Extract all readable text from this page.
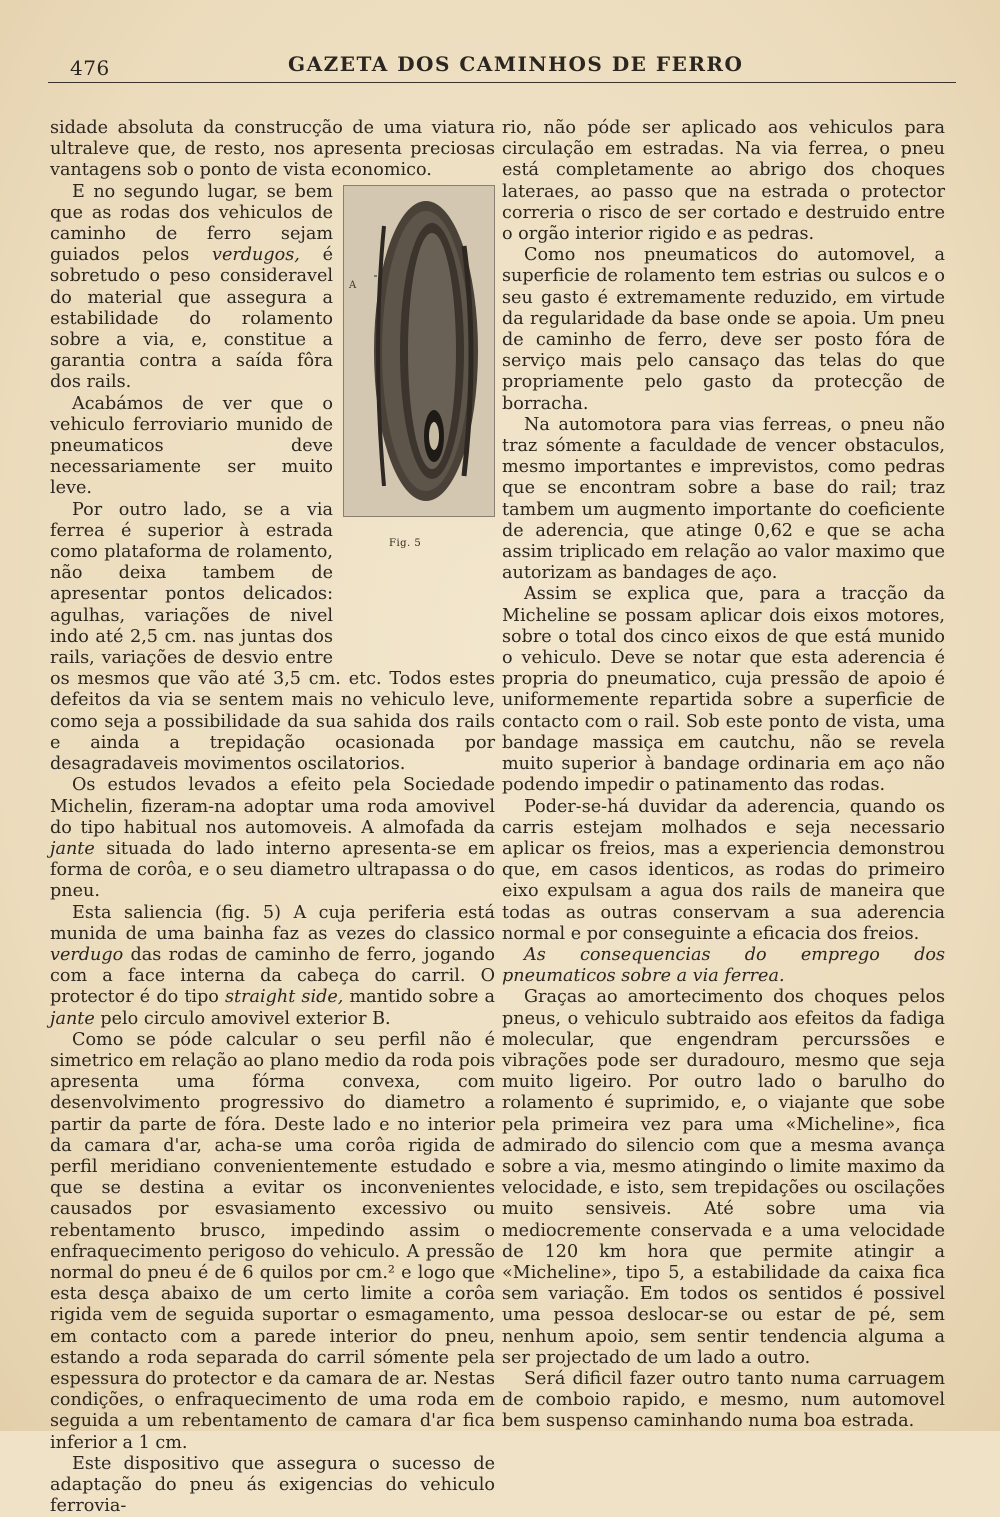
476	GAZETA DOS CAMINHOS DE FERRO

sidade absoluta da construcção de uma viatura ultraleve que, de resto, nos apresenta preciosas vantagens sob o ponto de vista economico.

A
Fig. 5

E no segundo lugar, se bem que as rodas dos vehiculos de caminho de ferro sejam guiados pelos verdugos, é sobretudo o peso consideravel do material que assegura a estabilidade do rolamento sobre a via, e, constitue a garantia contra a saída fôra dos rails.

Acabámos de ver que o vehiculo ferroviario munido de pneumaticos deve necessariamente ser muito leve.

Por outro lado, se a via ferrea é superior à estrada como plataforma de rolamento, não deixa tambem de apresentar pontos delicados: agulhas, variações de nivel indo até 2,5 cm. nas juntas dos rails, variações de desvio entre os mesmos que vão até 3,5 cm. etc. Todos estes defeitos da via se sentem mais no vehiculo leve, como seja a possibilidade da sua sahida dos rails e ainda a trepidação ocasionada por desagradaveis movimentos oscilatorios.

Os estudos levados a efeito pela Sociedade Michelin, fizeram-na adoptar uma roda amovivel do tipo habitual nos automoveis. A almofada da jante situada do lado interno apresenta-se em forma de corôa, e o seu diametro ultrapassa o do pneu.

Esta saliencia (fig. 5) A cuja periferia está munida de uma bainha faz as vezes do classico verdugo das rodas de caminho de ferro, jogando com a face interna da cabeça do carril. O protector é do tipo straight side, mantido sobre a jante pelo circulo amovivel exterior B.

Como se póde calcular o seu perfil não é simetrico em relação ao plano medio da roda pois apresenta uma fórma convexa, com desenvolvimento progressivo do diametro a partir da parte de fóra. Deste lado e no interior da camara d'ar, acha-se uma corôa rigida de perfil meridiano convenientemente estudado e que se destina a evitar os inconvenientes causados por esvasiamento excessivo ou rebentamento brusco, impedindo assim o enfraquecimento perigoso do vehiculo. A pressão normal do pneu é de 6 quilos por cm.² e logo que esta desça abaixo de um certo limite a corôa rigida vem de seguida suportar o esmagamento, em contacto com a parede interior do pneu, estando a roda separada do carril sómente pela espessura do protector e da camara de ar. Nestas condições, o enfraquecimento de uma roda em seguida a um rebentamento de camara d'ar fica inferior a 1 cm.

Este dispositivo que assegura o sucesso de adaptação do pneu ás exigencias do vehiculo ferrovia-

rio, não póde ser aplicado aos vehiculos para circulação em estradas. Na via ferrea, o pneu está completamente ao abrigo dos choques lateraes, ao passo que na estrada o protector correria o risco de ser cortado e destruido entre o orgão interior rigido e as pedras.

Como nos pneumaticos do automovel, a superficie de rolamento tem estrias ou sulcos e o seu gasto é extremamente reduzido, em virtude da regularidade da base onde se apoia. Um pneu de caminho de ferro, deve ser posto fóra de serviço mais pelo cansaço das telas do que propriamente pelo gasto da protecção de borracha.

Na automotora para vias ferreas, o pneu não traz sómente a faculdade de vencer obstaculos, mesmo importantes e imprevistos, como pedras que se encontram sobre a base do rail; traz tambem um augmento importante do coeficiente de aderencia, que atinge 0,62 e que se acha assim triplicado em relação ao valor maximo que autorizam as bandages de aço.

Assim se explica que, para a tracção da Micheline se possam aplicar dois eixos motores, sobre o total dos cinco eixos de que está munido o vehiculo. Deve se notar que esta aderencia é propria do pneumatico, cuja pressão de apoio é uniformemente repartida sobre a superficie de contacto com o rail. Sob este ponto de vista, uma bandage massiça em cautchu, não se revela muito superior à bandage ordinaria em aço não podendo impedir o patinamento das rodas.

Poder-se-há duvidar da aderencia, quando os carris estejam molhados e seja necessario aplicar os freios, mas a experiencia demonstrou que, em casos identicos, as rodas do primeiro eixo expulsam a agua dos rails de maneira que todas as outras conservam a sua aderencia normal e por conseguinte a eficacia dos freios.

As consequencias do emprego dos pneumaticos sobre a via ferrea.

Graças ao amortecimento dos choques pelos pneus, o vehiculo subtraido aos efeitos da fadiga molecular, que engendram percurssões e vibrações pode ser duradouro, mesmo que seja muito ligeiro. Por outro lado o barulho do rolamento é suprimido, e, o viajante que sobe pela primeira vez para uma «Micheline», fica admirado do silencio com que a mesma avança sobre a via, mesmo atingindo o limite maximo da velocidade, e isto, sem trepidações ou oscilações muito sensiveis. Até sobre uma via mediocremente conservada e a uma velocidade de 120 km hora que permite atingir a «Micheline», tipo 5, a estabilidade da caixa fica sem variação. Em todos os sentidos é possivel uma pessoa deslocar-se ou estar de pé, sem nenhum apoio, sem sentir tendencia alguma a ser projectado de um lado a outro.

Será dificil fazer outro tanto numa carruagem de comboio rapido, e mesmo, num automovel bem suspenso caminhando numa boa estrada.
